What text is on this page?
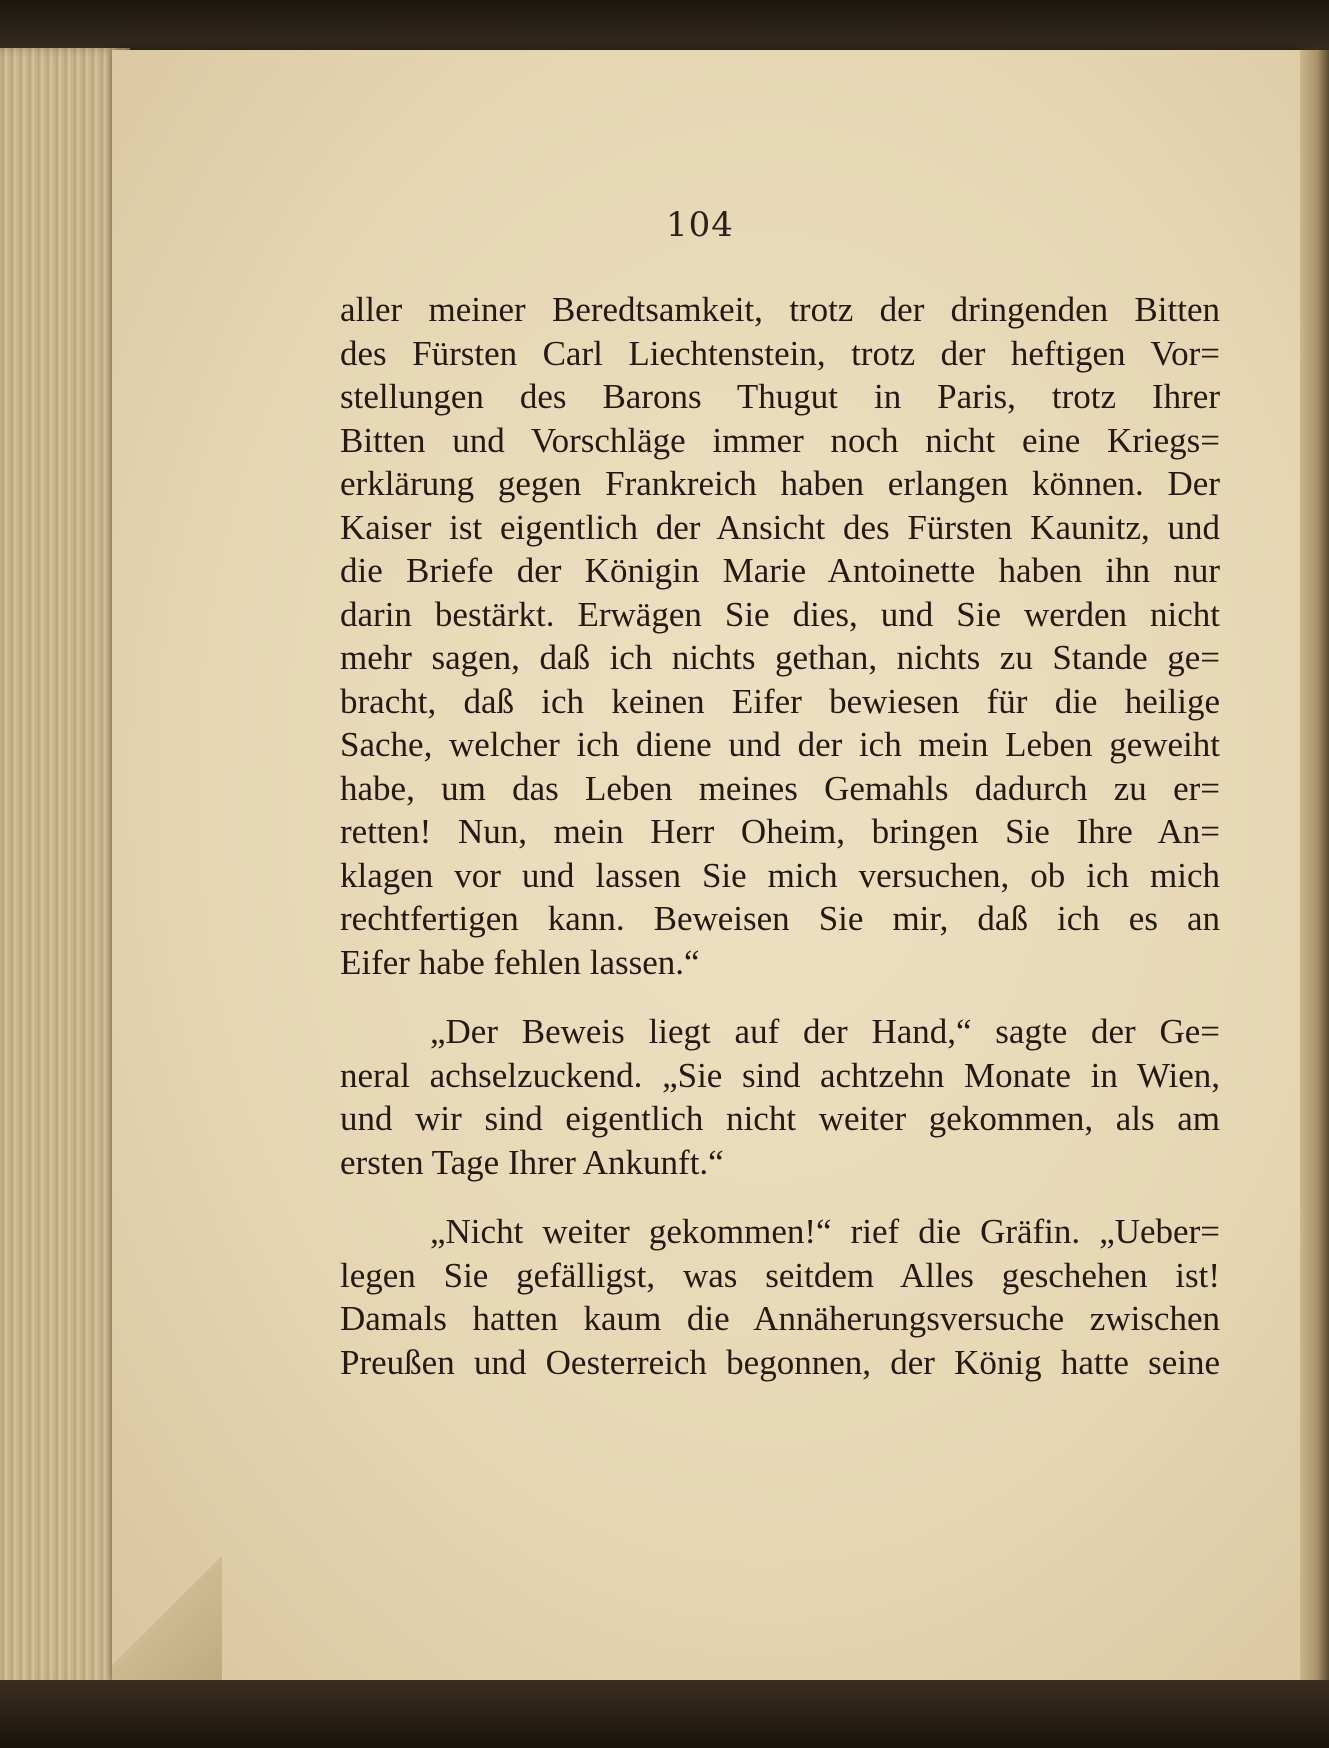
104
aller meiner Beredtsamkeit, trotz der dringenden Bitten
des Fürsten Carl Liechtenstein, trotz der heftigen Vor=
stellungen des Barons Thugut in Paris, trotz Ihrer
Bitten und Vorschläge immer noch nicht eine Kriegs=
erklärung gegen Frankreich haben erlangen können. Der
Kaiser ist eigentlich der Ansicht des Fürsten Kaunitz, und
die Briefe der Königin Marie Antoinette haben ihn nur
darin bestärkt. Erwägen Sie dies, und Sie werden nicht
mehr sagen, daß ich nichts gethan, nichts zu Stande ge=
bracht, daß ich keinen Eifer bewiesen für die heilige
Sache, welcher ich diene und der ich mein Leben geweiht
habe, um das Leben meines Gemahls dadurch zu er=
retten! Nun, mein Herr Oheim, bringen Sie Ihre An=
klagen vor und lassen Sie mich versuchen, ob ich mich
rechtfertigen kann. Beweisen Sie mir, daß ich es an
Eifer habe fehlen lassen.“
„Der Beweis liegt auf der Hand,“ sagte der Ge=
neral achselzuckend. „Sie sind achtzehn Monate in Wien,
und wir sind eigentlich nicht weiter gekommen, als am
ersten Tage Ihrer Ankunft.“
„Nicht weiter gekommen!“ rief die Gräfin. „Ueber=
legen Sie gefälligst, was seitdem Alles geschehen ist!
Damals hatten kaum die Annäherungsversuche zwischen
Preußen und Oesterreich begonnen, der König hatte seine
